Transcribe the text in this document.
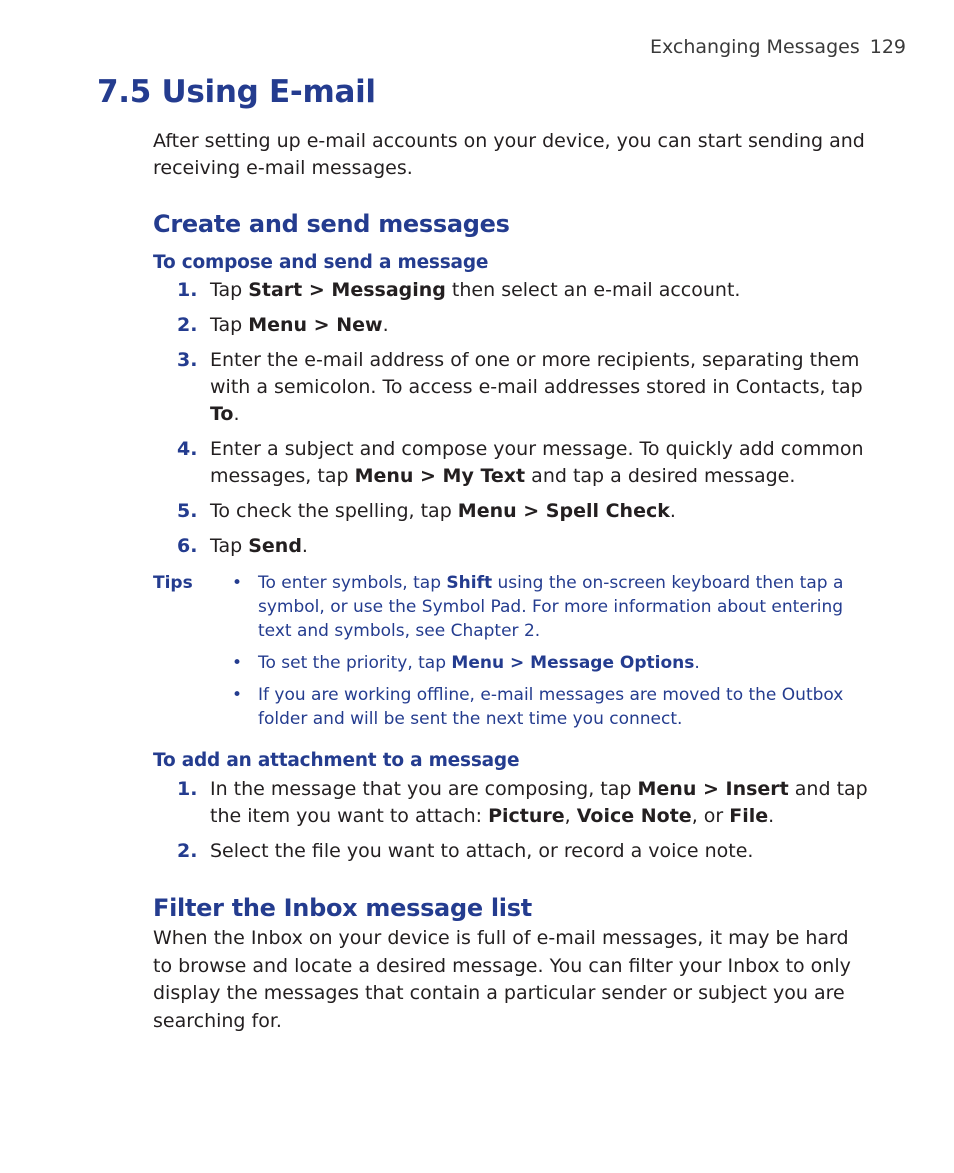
Exchanging Messages 129
7.5 Using E-mail

After setting up e-mail accounts on your device, you can start sending and receiving e-mail messages.

Create and send messages
To compose and send a message
1. Tap Start > Messaging then select an e-mail account.
2. Tap Menu > New.
3. Enter the e-mail address of one or more recipients, separating them with a semicolon. To access e-mail addresses stored in Contacts, tap To.
4. Enter a subject and compose your message. To quickly add common messages, tap Menu > My Text and tap a desired message.
5. To check the spelling, tap Menu > Spell Check.
6. Tap Send.
Tips • To enter symbols, tap Shift using the on-screen keyboard then tap a symbol, or use the Symbol Pad. For more information about entering text and symbols, see Chapter 2.
• To set the priority, tap Menu > Message Options.
• If you are working offline, e-mail messages are moved to the Outbox folder and will be sent the next time you connect.
To add an attachment to a message
1. In the message that you are composing, tap Menu > Insert and tap the item you want to attach: Picture, Voice Note, or File.
2. Select the file you want to attach, or record a voice note.
Filter the Inbox message list

When the Inbox on your device is full of e-mail messages, it may be hard to browse and locate a desired message. You can filter your Inbox to only display the messages that contain a particular sender or subject you are searching for.
